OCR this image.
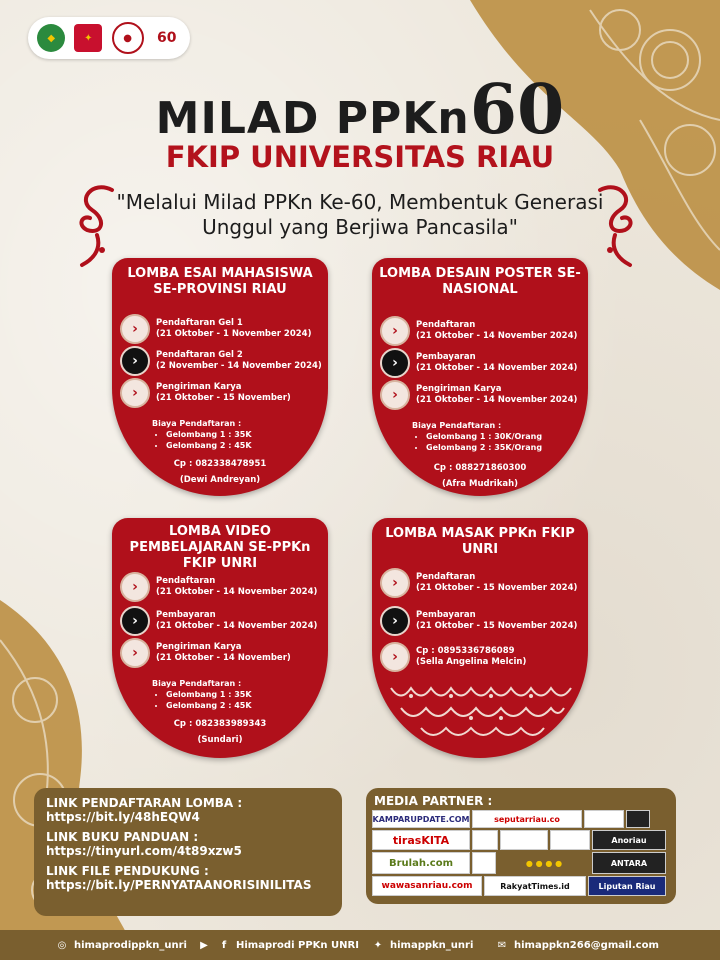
◆	✦	●	60
MILAD PPKn60
FKIP UNIVERSITAS RIAU
"Melalui Milad PPKn Ke-60, Membentuk Generasi Unggul yang Berjiwa Pancasila"
LOMBA ESAI MAHASISWA SE-PROVINSI RIAU
›	Pendaftaran Gel 1
(21 Oktober - 1 November 2024)
›	Pendaftaran Gel 2
(2 November - 14 November 2024)
›	Pengiriman Karya
(21 Oktober - 15 November)
Biaya Pendaftaran :
• Gelombang 1 : 35K
• Gelombang 2 : 45K
Cp : 082338478951
(Dewi Andreyan)
LOMBA DESAIN POSTER SE-NASIONAL
›	Pendaftaran
(21 Oktober - 14 November 2024)
›	Pembayaran
(21 Oktober - 14 November 2024)
›	Pengiriman Karya
(21 Oktober - 14 November 2024)
Biaya Pendaftaran :
• Gelombang 1 : 30K/Orang
• Gelombang 2 : 35K/Orang
Cp : 088271860300
(Afra Mudrikah)
LOMBA VIDEO PEMBELAJARAN SE-PPKn FKIP UNRI
›	Pendaftaran
(21 Oktober - 14 November 2024)
›	Pembayaran
(21 Oktober - 14 November 2024)
›	Pengiriman Karya
(21 Oktober - 14 November)
Biaya Pendaftaran :
• Gelombang 1 : 35K
• Gelombang 2 : 45K
Cp : 082383989343
(Sundari)
LOMBA MASAK PPKn FKIP UNRI
›	Pendaftaran
(21 Oktober - 15 November 2024)
›	Pembayaran
(21 Oktober - 15 November 2024)
›	Cp : 0895336786089
(Sella Angelina Melcin)
LINK PENDAFTARAN LOMBA :
https://bit.ly/48hEQW4
LINK BUKU PANDUAN :
https://tinyurl.com/4t89xzw5
LINK FILE PENDUKUNG :
https://bit.ly/PERNYATAANORISINILITAS
MEDIA PARTNER :
KAMPARUPDATE.COM	seputarriau.co
tirasKITA	Anoriau
Brulah.com	● ● ● ●	ANTARA
wawasanriau.com	RakyatTimes.id	Liputan Riau
◎ himaprodippkn_unri	▶	f Himaprodi PPKn UNRI	✦ himappkn_unri	✉ himappkn266@gmail.com
